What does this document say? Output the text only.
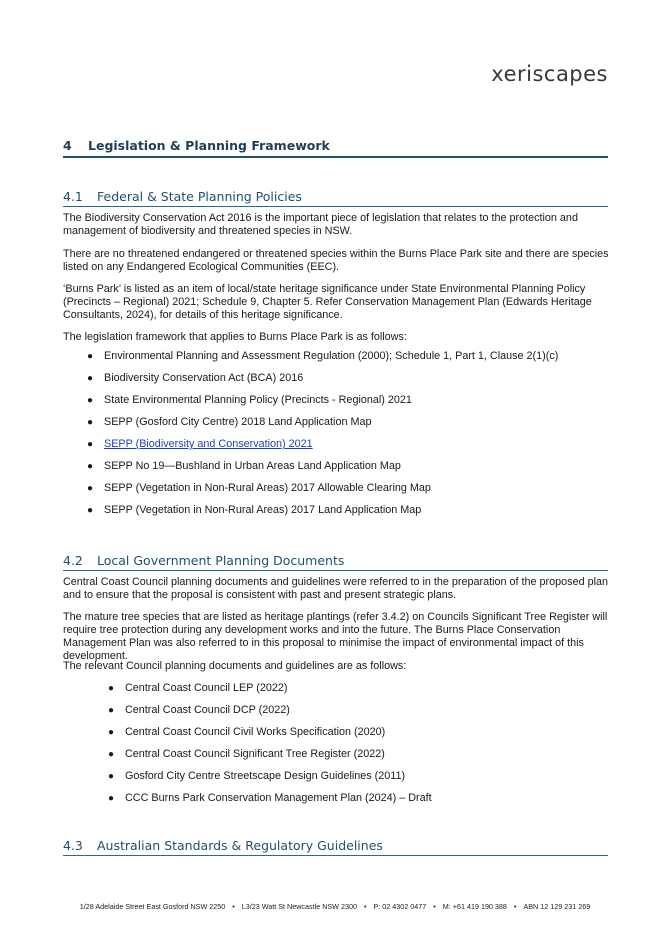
xeriscapes
4 Legislation & Planning Framework
4.1 Federal & State Planning Policies

The Biodiversity Conservation Act 2016 is the important piece of legislation that relates to the protection and management of biodiversity and threatened species in NSW.

There are no threatened endangered or threatened species within the Burns Place Park site and there are species listed on any Endangered Ecological Communities (EEC).

‘Burns Park’ is listed as an item of local/state heritage significance under State Environmental Planning Policy (Precincts – Regional) 2021; Schedule 9, Chapter 5. Refer Conservation Management Plan (Edwards Heritage Consultants, 2024), for details of this heritage significance.

The legislation framework that applies to Burns Place Park is as follows:

● Environmental Planning and Assessment Regulation (2000); Schedule 1, Part 1, Clause 2(1)(c)
● Biodiversity Conservation Act (BCA) 2016
● State Environmental Planning Policy (Precincts - Regional) 2021
● SEPP (Gosford City Centre) 2018 Land Application Map
● SEPP (Biodiversity and Conservation) 2021
● SEPP No 19—Bushland in Urban Areas Land Application Map
● SEPP (Vegetation in Non-Rural Areas) 2017 Allowable Clearing Map
● SEPP (Vegetation in Non-Rural Areas) 2017 Land Application Map
4.2 Local Government Planning Documents

Central Coast Council planning documents and guidelines were referred to in the preparation of the proposed plan and to ensure that the proposal is consistent with past and present strategic plans.

The mature tree species that are listed as heritage plantings (refer 3.4.2) on Councils Significant Tree Register will require tree protection during any development works and into the future. The Burns Place Conservation Management Plan was also referred to in this proposal to minimise the impact of environmental impact of this development.

The relevant Council planning documents and guidelines are as follows:

● Central Coast Council LEP (2022)
● Central Coast Council DCP (2022)
● Central Coast Council Civil Works Specification (2020)
● Central Coast Council Significant Tree Register (2022)
● Gosford City Centre Streetscape Design Guidelines (2011)
● CCC Burns Park Conservation Management Plan (2024) – Draft
4.3 Australian Standards & Regulatory Guidelines
1/28 Adelaide Street East Gosford NSW 2250 • L3/23 Watt St Newcastle NSW 2300 • P: 02 4302 0477 • M: +61 419 190 388 • ABN 12 129 231 269
